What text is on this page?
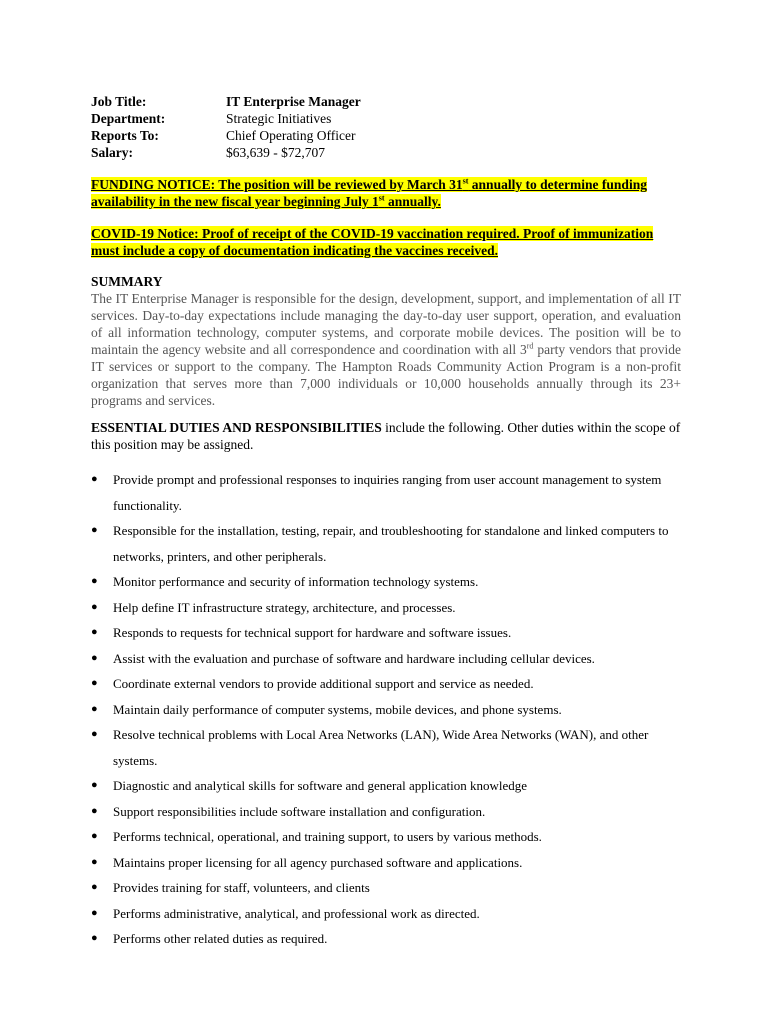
Job Title:	IT Enterprise Manager
Department:	Strategic Initiatives
Reports To:	Chief Operating Officer
Salary:	$63,639 - $72,707
FUNDING NOTICE: The position will be reviewed by March 31st annually to determine funding availability in the new fiscal year beginning July 1st annually.
COVID-19 Notice: Proof of receipt of the COVID-19 vaccination required. Proof of immunization must include a copy of documentation indicating the vaccines received.
SUMMARY
The IT Enterprise Manager is responsible for the design, development, support, and implementation of all IT services. Day-to-day expectations include managing the day-to-day user support, operation, and evaluation of all information technology, computer systems, and corporate mobile devices. The position will be to maintain the agency website and all correspondence and coordination with all 3rd party vendors that provide IT services or support to the company. The Hampton Roads Community Action Program is a non-profit organization that serves more than 7,000 individuals or 10,000 households annually through its 23+ programs and services.
ESSENTIAL DUTIES AND RESPONSIBILITIES include the following. Other duties within the scope of this position may be assigned.
● Provide prompt and professional responses to inquiries ranging from user account management to system functionality.
● Responsible for the installation, testing, repair, and troubleshooting for standalone and linked computers to networks, printers, and other peripherals.
● Monitor performance and security of information technology systems.
● Help define IT infrastructure strategy, architecture, and processes.
● Responds to requests for technical support for hardware and software issues.
● Assist with the evaluation and purchase of software and hardware including cellular devices.
● Coordinate external vendors to provide additional support and service as needed.
● Maintain daily performance of computer systems, mobile devices, and phone systems.
● Resolve technical problems with Local Area Networks (LAN), Wide Area Networks (WAN), and other systems.
● Diagnostic and analytical skills for software and general application knowledge
● Support responsibilities include software installation and configuration.
● Performs technical, operational, and training support, to users by various methods.
● Maintains proper licensing for all agency purchased software and applications.
● Provides training for staff, volunteers, and clients
● Performs administrative, analytical, and professional work as directed.
● Performs other related duties as required.
